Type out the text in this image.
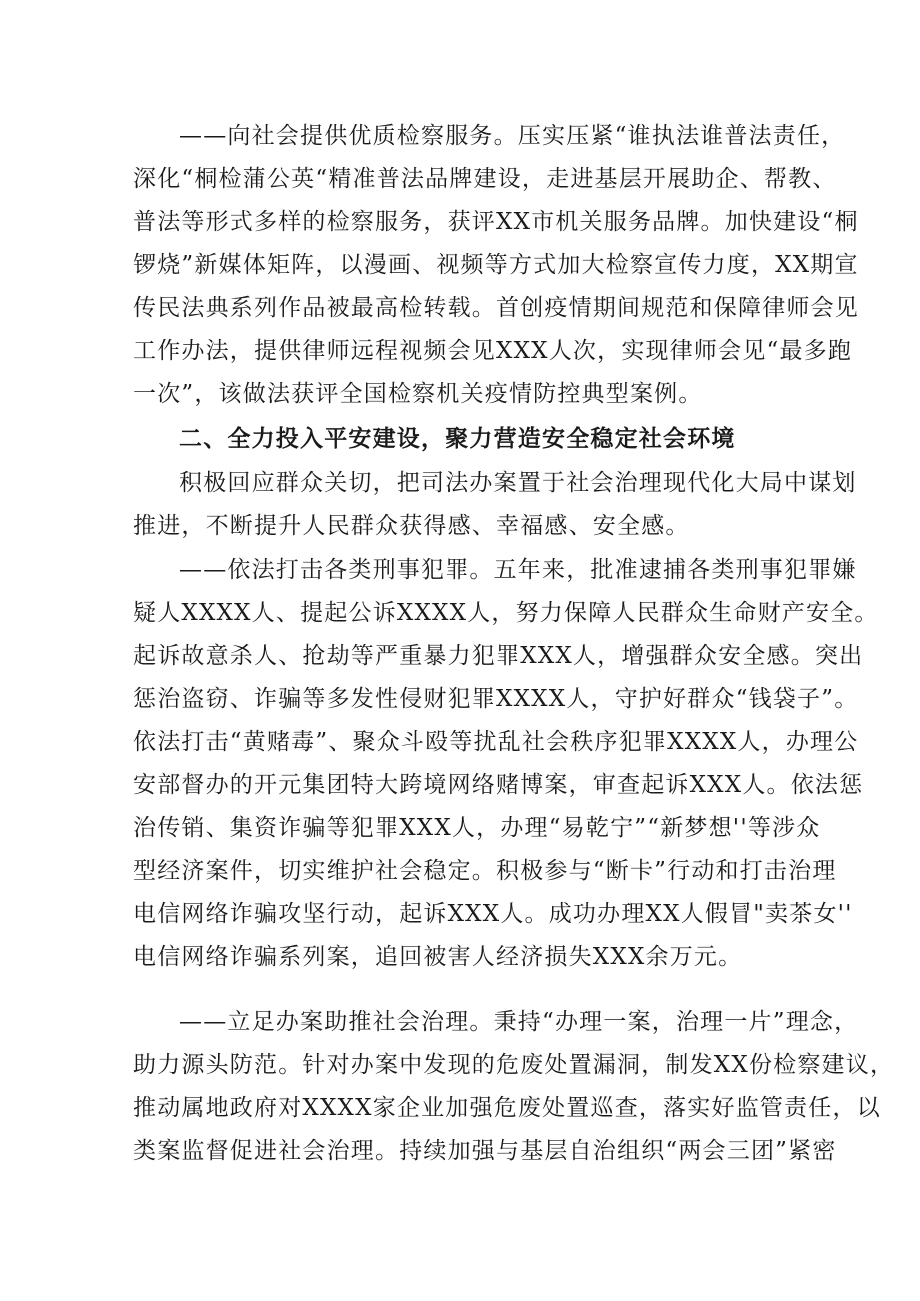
——向社会提供优质检察服务。压实压紧“谁执法谁普法责任，
深化“桐检蒲公英“精准普法品牌建设，走进基层开展助企、帮教、
普法等形式多样的检察服务，获评XX市机关服务品牌。加快建设“桐
锣烧”新媒体矩阵，以漫画、视频等方式加大检察宣传力度，XX期宣
传民法典系列作品被最高检转载。首创疫情期间规范和保障律师会见
工作办法，提供律师远程视频会见XXX人次，实现律师会见“最多跑
一次”，该做法获评全国检察机关疫情防控典型案例。
二、全力投入平安建设，聚力营造安全稳定社会环境
积极回应群众关切，把司法办案置于社会治理现代化大局中谋划
推进，不断提升人民群众获得感、幸福感、安全感。
——依法打击各类刑事犯罪。五年来，批准逮捕各类刑事犯罪嫌
疑人XXXX人、提起公诉XXXX人，努力保障人民群众生命财产安全。
起诉故意杀人、抢劫等严重暴力犯罪XXX人，增强群众安全感。突出
惩治盗窃、诈骗等多发性侵财犯罪XXXX人，守护好群众“钱袋子”。
依法打击“黄赌毒”、聚众斗殴等扰乱社会秩序犯罪XXXX人，办理公
安部督办的开元集团特大跨境网络赌博案，审查起诉XXX人。依法惩
治传销、集资诈骗等犯罪XXX人，办理“易乾宁”“新梦想''等涉众
型经济案件，切实维护社会稳定。积极参与“断卡”行动和打击治理
电信网络诈骗攻坚行动，起诉XXX人。成功办理XX人假冒"卖茶女''
电信网络诈骗系列案，追回被害人经济损失XXX余万元。
——立足办案助推社会治理。秉持“办理一案，治理一片”理念，
助力源头防范。针对办案中发现的危废处置漏洞，制发XX份检察建议，
推动属地政府对XXXX家企业加强危废处置巡查，落实好监管责任，以
类案监督促进社会治理。持续加强与基层自治组织“两会三团”紧密
